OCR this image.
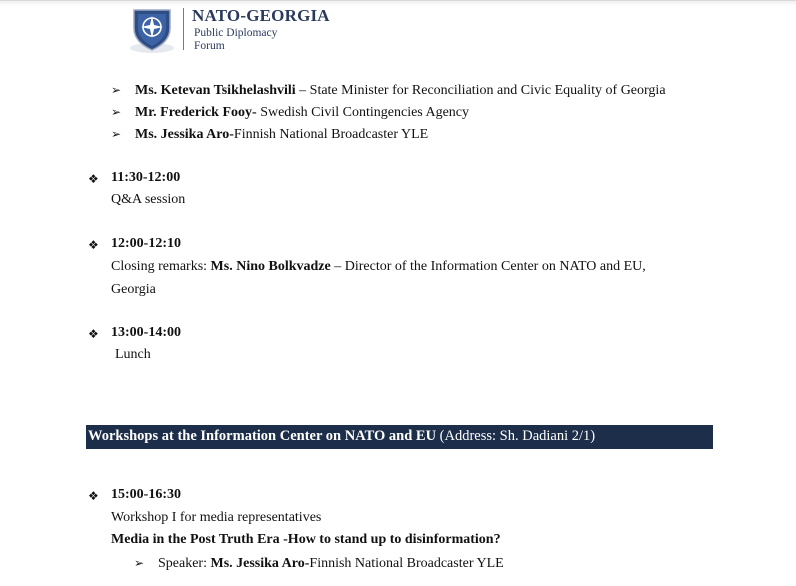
NATO-GEORGIA
Public Diplomacy
Forum
➢ Ms. Ketevan Tsikhelashvili – State Minister for Reconciliation and Civic Equality of Georgia
➢ Mr. Frederick Fooy- Swedish Civil Contingencies Agency
➢ Ms. Jessika Aro-Finnish National Broadcaster YLE
❖ 11:30-12:00
Q&A session
❖ 12:00-12:10
Closing remarks: Ms. Nino Bolkvadze – Director of the Information Center on NATO and EU,
Georgia
❖ 13:00-14:00
Lunch
Workshops at the Information Center on NATO and EU (Address: Sh. Dadiani 2/1)
❖ 15:00-16:30
Workshop I for media representatives
Media in the Post Truth Era -How to stand up to disinformation?
➢ Speaker: Ms. Jessika Aro-Finnish National Broadcaster YLE
